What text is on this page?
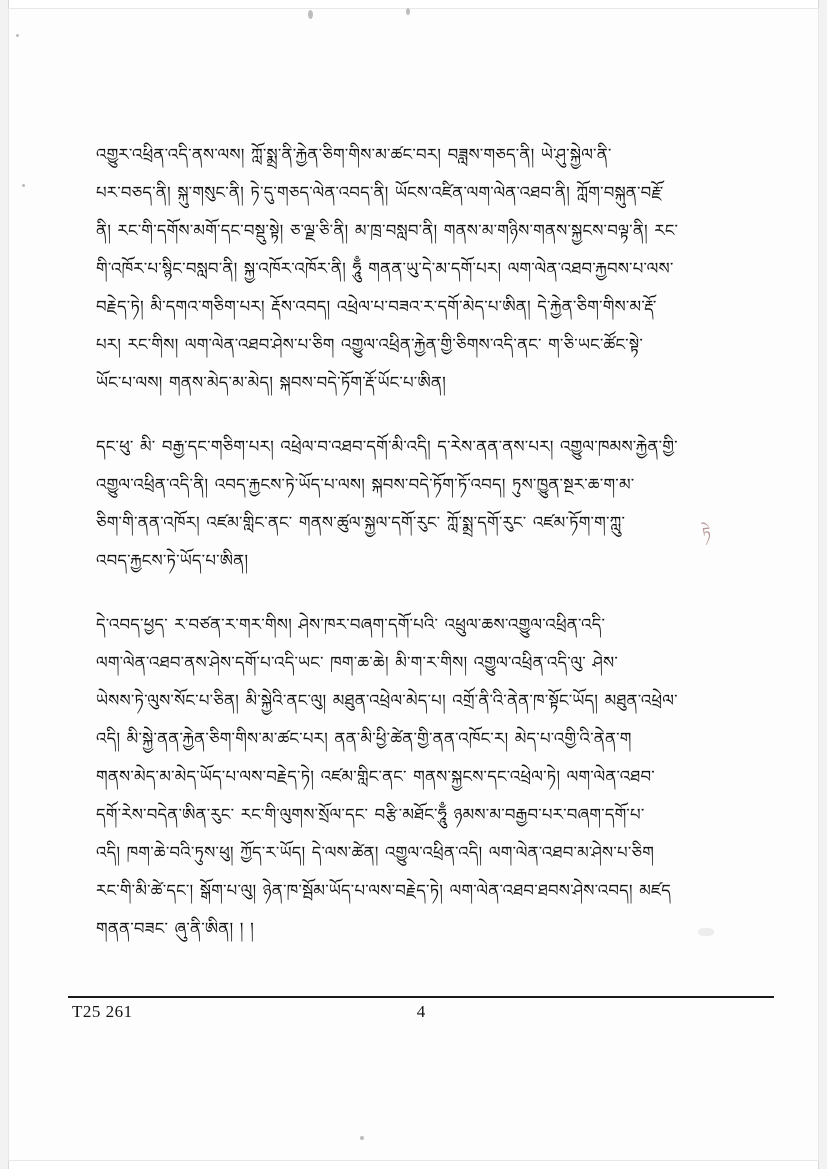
འགྱུར་འཕྲིན་འདི་ནས་ལས། ཀློ་སྨྲ་ནི་རྐྱེན་ཅིག་གིས་མ་ཚང་བར། བཟླས་གཅད་ནི། ཡེ་ཤུ་སྐྱེལ་ནི་
པར་བཅད་ནི། སྐུ་གསུང་ནི། ཏེ་དུ་གཅད་ལེན་འབད་ནི། ཡོངས་འཛིན་ལག་ལེན་འཐབ་ནི། ཀློག་བསྐུན་བརྗོ་
ནི། རང་གི་དགོས་མགོ་དང་བསྡུ་སྟེ། ཅ་ལྗ་ཅི་ནི། མ་ཁྲ་བསླབ་ནི། གནས་མ་གཉིས་གནས་སྐྱངས་བལྟ་ནི། རང་
གི་འཁོར་པ་སྙིང་བསླབ་ནི། སྐྱ་འཁོར་འཁོར་ནི། ཧཱུྃ གནན་ཡུ་དེ་མ་དགོ་པར། ལག་ལེན་འཐབ་རྐྱབས་པ་ལས་
བརྗེད་ཏེ། མི་དགའ་གཅིག་པར། རྡོས་འབད། འཕྲེལ་པ་བཟའ་ར་དགོ་མེད་པ་ཨིན། དེ་རྐྱེན་ཅིག་གིས་མ་རྡོ་
པར། རང་གིས། ལག་ལེན་འཐབ་ཤེས་པ་ཅིག འགྱུལ་འཕྲིན་རྐྱེན་གྱི་ཅིགས་འདི་ནང་ ག་ཅི་ཡང་ཚོང་སྟེ་
ཡོང་པ་ལས། གནས་མེད་མ་མེད། སྐབས་བདེ་ཏོག་རྡོ་ཡོང་པ་ཨིན།

དང་ཕུ་ མི་ བརྒྱ་དང་གཅིག་པར། འཕྲེལ་བ་འཐབ་དགོ་མི་འདི། ད་རེས་ནན་ནས་པར། འགྱུལ་ཁམས་རྐྱེན་གྱི་
འགྱུལ་འཕྲིན་འདི་ནི། འབད་རྐྱངས་ཏེ་ཡོད་པ་ལས། སྐབས་བདེ་ཏོག་ཏོ་འབད། ཏུས་ཁྱུན་སྔར་ཆ་ག་མ་
ཅིག་གི་ནན་འཁོར། འཛམ་གླིང་ནང་ གནས་ཚུལ་སྐྱལ་དགོ་རུང་ ཀློ་སྨྲ་དགོ་རུང་ འཛམ་ཏོག་ག་ཀླུ་
འབད་རྐྱངས་ཏེ་ཡོད་པ་ཨིན།

དེ་འབད་ཕྱད་ ར་བཙན་ར་གར་གིས། ཤེས་ཁར་བཞག་དགོ་པའི་ འཕྲུལ་ཆས་འགྱུལ་འཕྲིན་འདི་
ལག་ལེན་འཐབ་ནས་ཤེས་དགོ་པ་འདི་ཡང་ ཁག་ཆ་ཆེ། མི་ག་ར་གིས། འགྱུལ་འཕྲིན་འདི་ལུ་ ཤེས་
ཡེསས་ཏེ་ལུས་སོང་པ་ཅིན། མི་སྐྱེའི་ནང་ལུ། མཐུན་འཕྲེལ་མེད་པ། འགྲོ་ནི་འི་ནེན་ཁ་སྟོང་ཡོད། མཐུན་འཕྲེལ་
འདི། མི་སྐྱེ་ནན་རྐྱེན་ཅིག་གིས་མ་ཚང་པར། ནན་མི་ཕྱི་ཚེན་གྱི་ནན་འཁོང་ར། མེད་པ་འགྱི་འི་ནེན་ག
གནས་མེད་མ་མེད་ཡོད་པ་ལས་བརྗེད་ཏེ། འཛམ་གླིང་ནང་ གནས་སྐྱངས་དང་འཕྲེལ་ཏེ། ལག་ལེན་འཐབ་
དགོ་རེས་བདེན་ཨིན་རུང་ རང་གི་ལུགས་སྲོལ་དང་ བརྩི་མཐོང་ཧཱུྃ ཉམས་མ་བརྒྱབ་པར་བཞག་དགོ་པ་
འདི། ཁག་ཆེ་བའི་ཏུས་ཕུ། ཀྱོད་ར་ཡོད། དེ་ལས་ཚེན། འགྱུལ་འཕྲིན་འདི། ལག་ལེན་འཐབ་མ་ཤེས་པ་ཅིག
རང་གི་མི་ཚེ་དང་། སྒོག་པ་ལུ། ཉེན་ཁ་སྦོམ་ཡོད་པ་ལས་བརྗེད་ཏེ། ལག་ལེན་འཐབ་ཐབས་ཤེས་འབད། མཛད
གནན་བཟང་ ཞུ་ནི་ཨིན། ། །

ཏེ
T25 261	4
